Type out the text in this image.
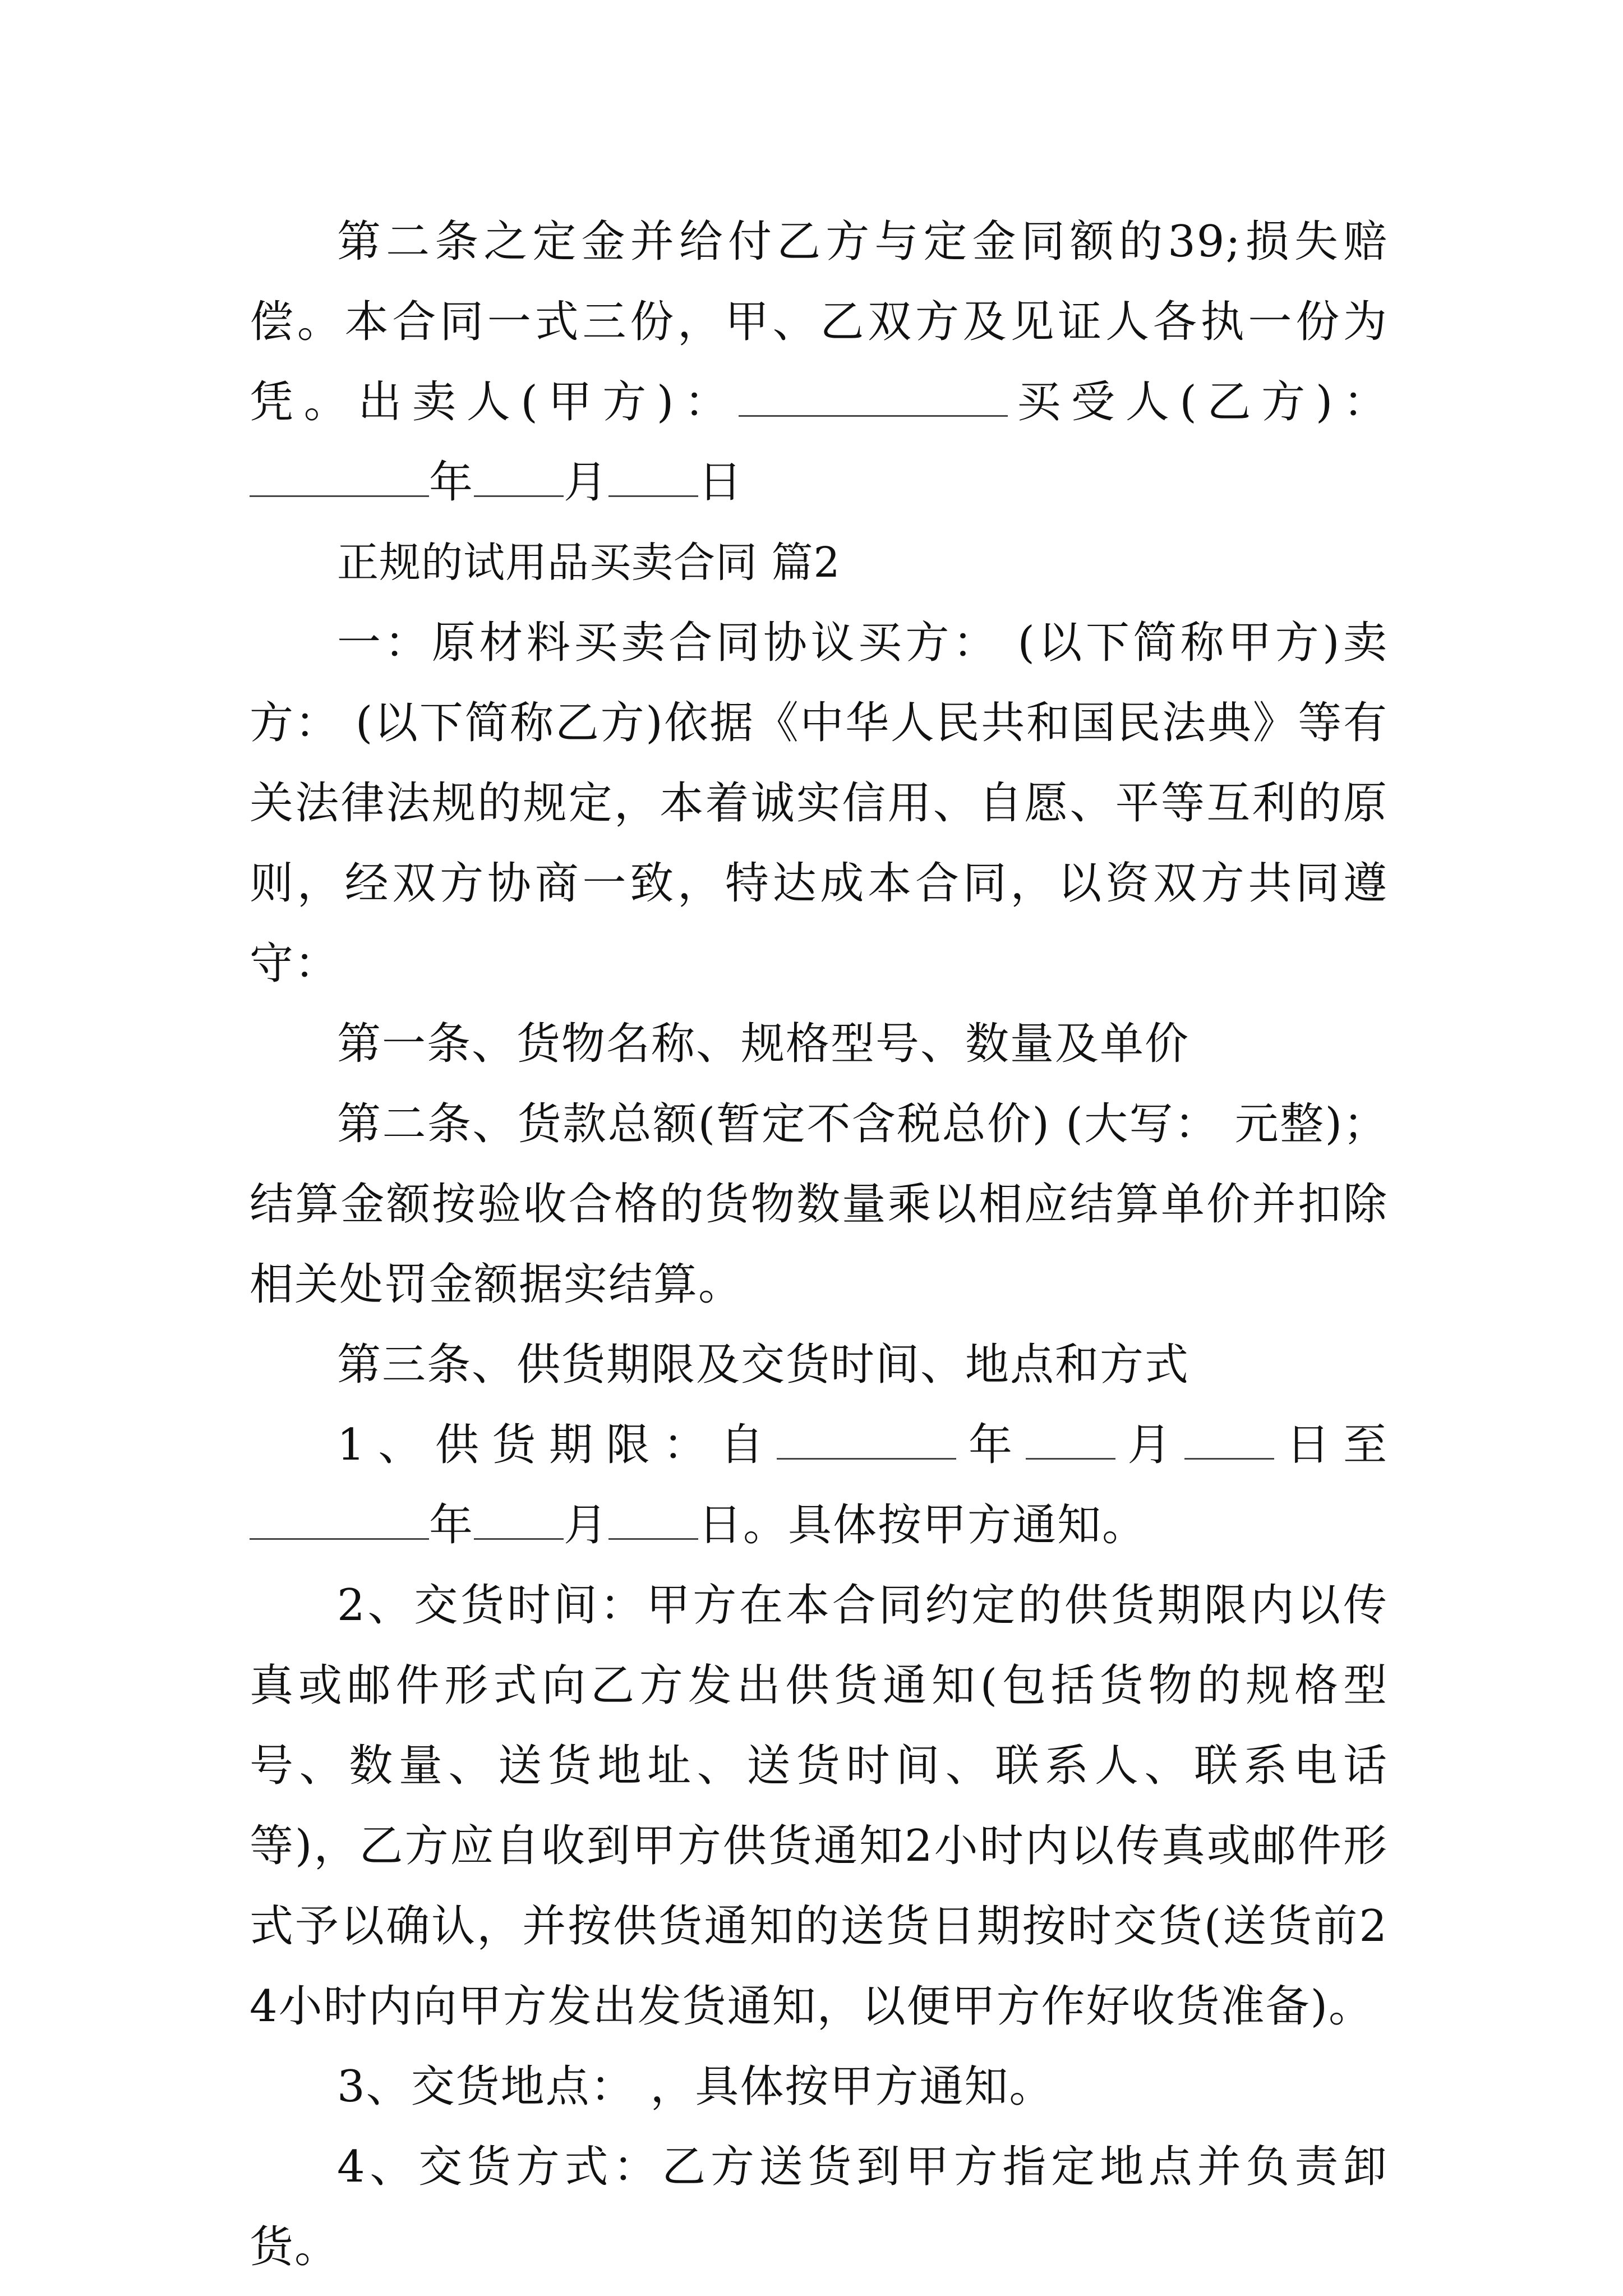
第二条之定金并给付乙方与定金同额的39;损失赔偿。本合同一式三份，甲、乙双方及见证人各执一份为凭。出卖人(甲方)：	买受人(乙方)：年 月 日

正规的试用品买卖合同 篇2

一：原材料买卖合同协议买方： (以下简称甲方)卖方： (以下简称乙方)依据《中华人民共和国民法典》等有关法律法规的规定，本着诚实信用、自愿、平等互利的原则，经双方协商一致，特达成本合同，以资双方共同遵守：

第一条、货物名称、规格型号、数量及单价

第二条、货款总额(暂定不含税总价) (大写： 元整)；结算金额按验收合格的货物数量乘以相应结算单价并扣除相关处罚金额据实结算。

第三条、供货期限及交货时间、地点和方式

1、供货期限：自	年 月 日至年 月 日。具体按甲方通知。

2、交货时间：甲方在本合同约定的供货期限内以传真或邮件形式向乙方发出供货通知(包括货物的规格型号、数量、送货地址、送货时间、联系人、联系电话等)，乙方应自收到甲方供货通知2小时内以传真或邮件形式予以确认，并按供货通知的送货日期按时交货(送货前24小时内向甲方发出发货通知，以便甲方作好收货准备)。

3、交货地点： ，具体按甲方通知。

4、交货方式：乙方送货到甲方指定地点并负责卸货。
